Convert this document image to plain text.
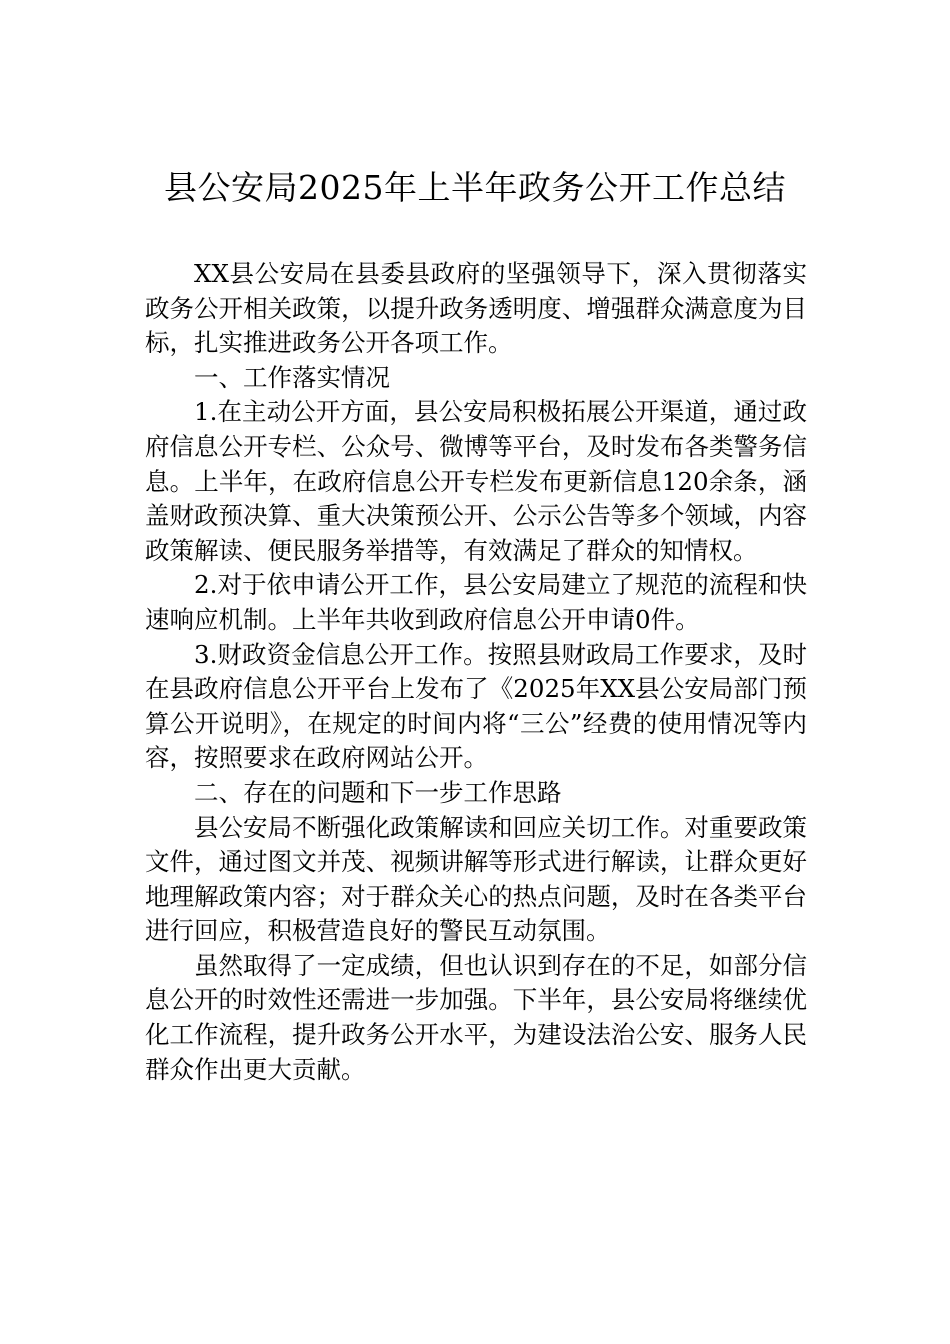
县公安局2025年上半年政务公开工作总结

XX县公安局在县委县政府的坚强领导下，深入贯彻落实政务公开相关政策，以提升政务透明度、增强群众满意度为目标，扎实推进政务公开各项工作。

一、工作落实情况

1.在主动公开方面，县公安局积极拓展公开渠道，通过政府信息公开专栏、公众号、微博等平台，及时发布各类警务信息。上半年，在政府信息公开专栏发布更新信息120余条，涵盖财政预决算、重大决策预公开、公示公告等多个领域，内容政策解读、便民服务举措等，有效满足了群众的知情权。

2.对于依申请公开工作，县公安局建立了规范的流程和快速响应机制。上半年共收到政府信息公开申请0件。

3.财政资金信息公开工作。按照县财政局工作要求，及时在县政府信息公开平台上发布了《2025年XX县公安局部门预算公开说明》，在规定的时间内将“三公”经费的使用情况等内容，按照要求在政府网站公开。

二、存在的问题和下一步工作思路

县公安局不断强化政策解读和回应关切工作。对重要政策文件，通过图文并茂、视频讲解等形式进行解读，让群众更好地理解政策内容；对于群众关心的热点问题，及时在各类平台进行回应，积极营造良好的警民互动氛围。

虽然取得了一定成绩，但也认识到存在的不足，如部分信息公开的时效性还需进一步加强。下半年，县公安局将继续优化工作流程，提升政务公开水平，为建设法治公安、服务人民群众作出更大贡献。
